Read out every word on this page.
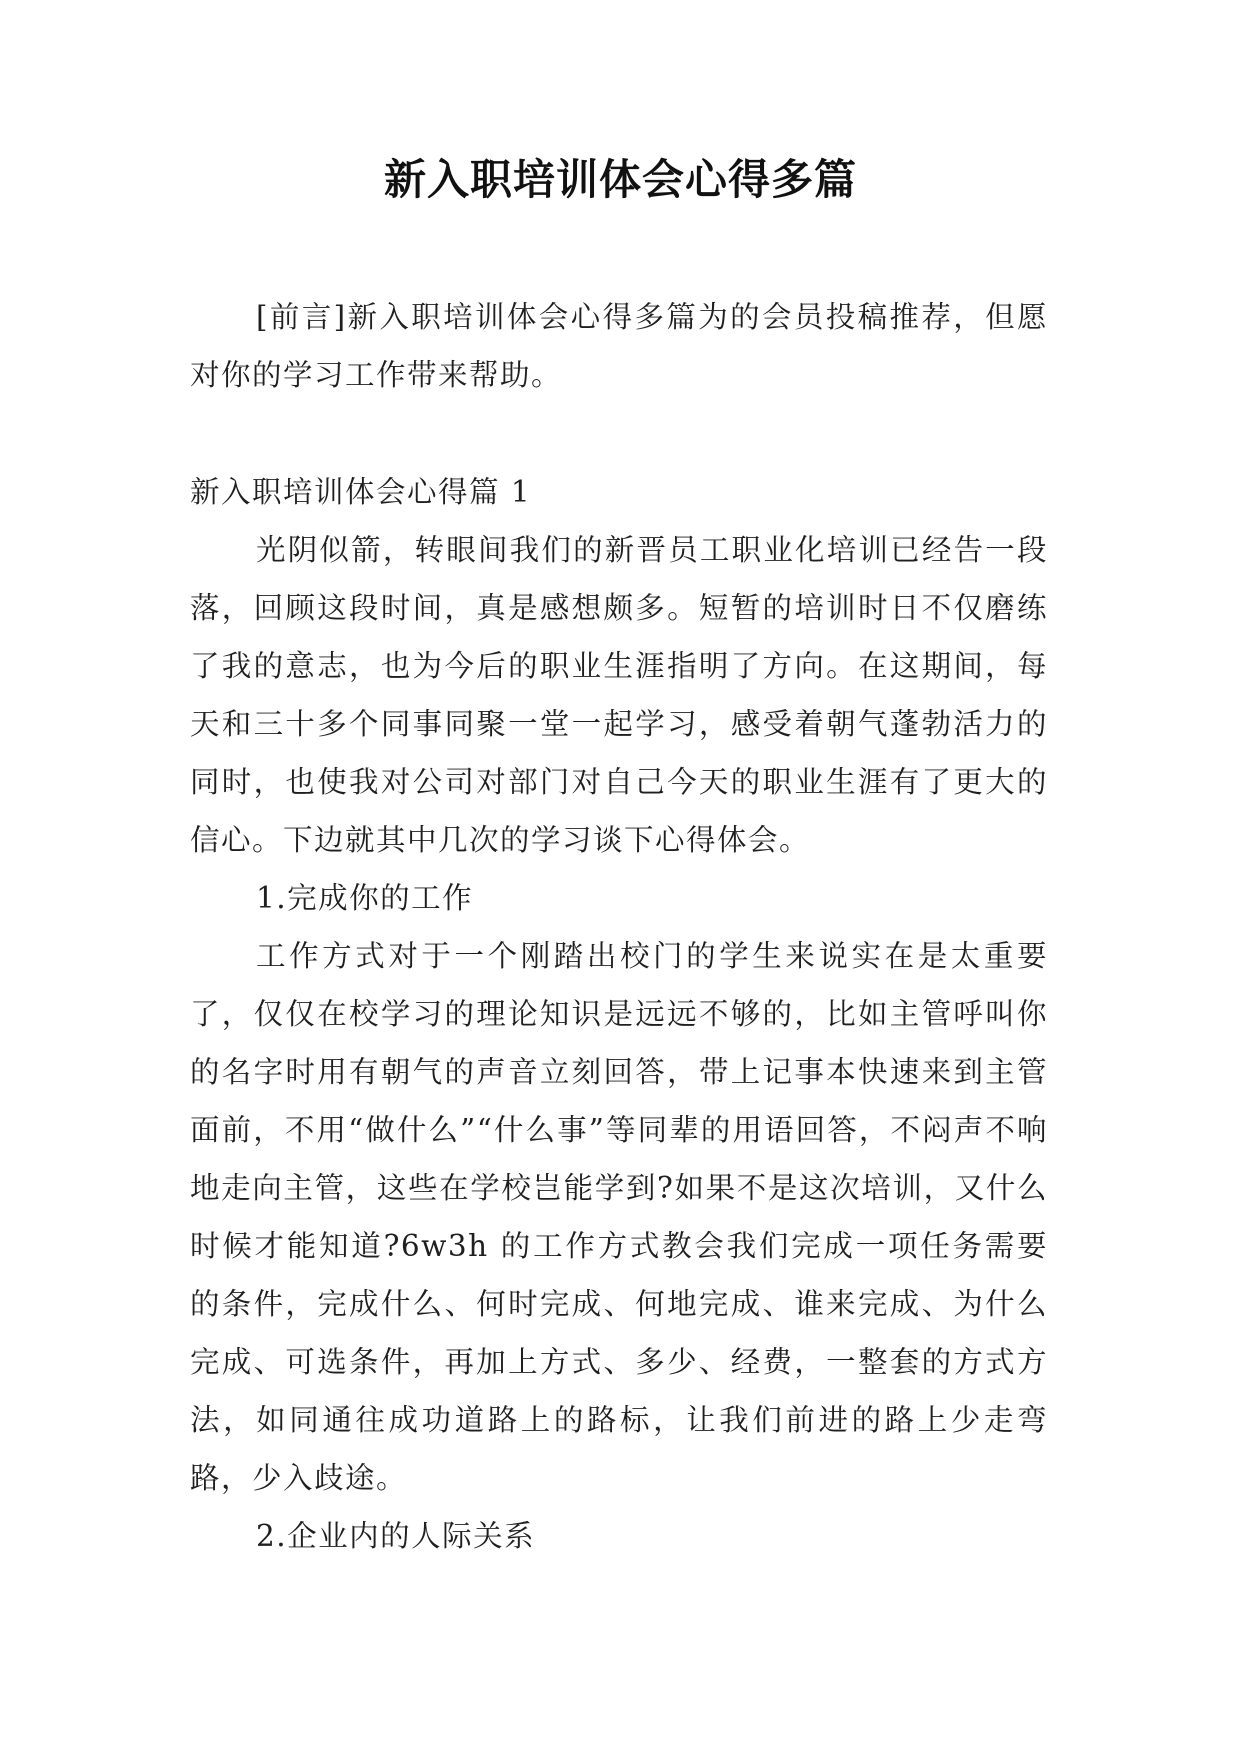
新入职培训体会心得多篇
[前言]新入职培训体会心得多篇为的会员投稿推荐，但愿对你的学习工作带来帮助。
新入职培训体会心得篇 1
光阴似箭，转眼间我们的新晋员工职业化培训已经告一段落，回顾这段时间，真是感想颇多。短暂的培训时日不仅磨练了我的意志，也为今后的职业生涯指明了方向。在这期间，每天和三十多个同事同聚一堂一起学习，感受着朝气蓬勃活力的同时，也使我对公司对部门对自己今天的职业生涯有了更大的信心。下边就其中几次的学习谈下心得体会。
1.完成你的工作
工作方式对于一个刚踏出校门的学生来说实在是太重要了，仅仅在校学习的理论知识是远远不够的，比如主管呼叫你的名字时用有朝气的声音立刻回答，带上记事本快速来到主管面前，不用“做什么”“什么事”等同辈的用语回答，不闷声不响地走向主管，这些在学校岂能学到?如果不是这次培训，又什么时候才能知道?6w3h 的工作方式教会我们完成一项任务需要的条件，完成什么、何时完成、何地完成、谁来完成、为什么完成、可选条件，再加上方式、多少、经费，一整套的方式方法，如同通往成功道路上的路标，让我们前进的路上少走弯路，少入歧途。
2.企业内的人际关系
